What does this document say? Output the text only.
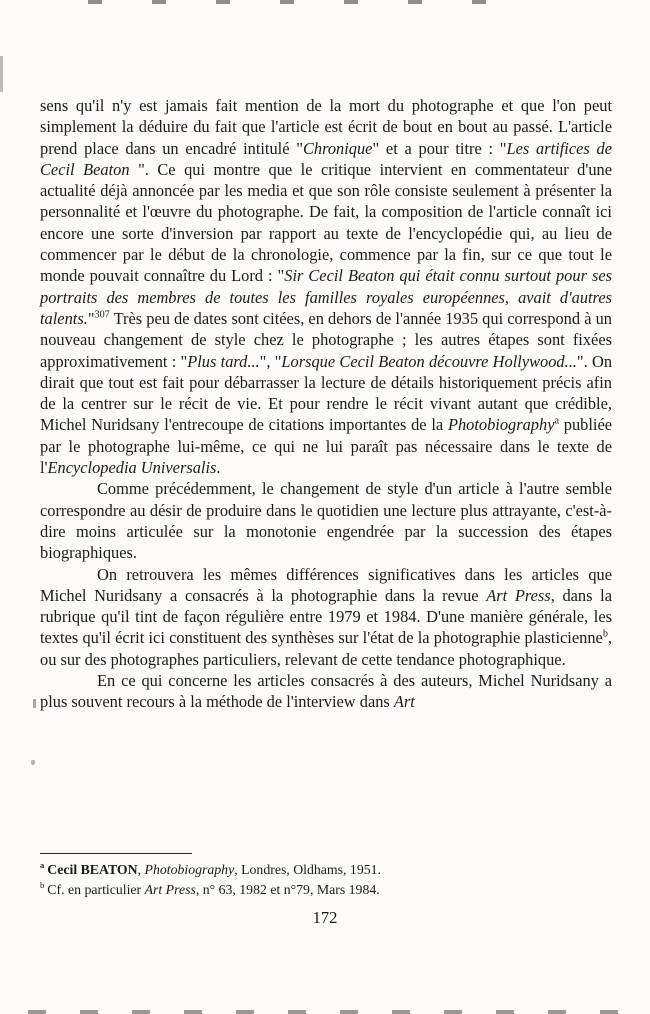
sens qu'il n'y est jamais fait mention de la mort du photographe et que l'on peut simplement la déduire du fait que l'article est écrit de bout en bout au passé. L'article prend place dans un encadré intitulé "Chronique" et a pour titre : "Les artifices de Cecil Beaton ". Ce qui montre que le critique intervient en commentateur d'une actualité déjà annoncée par les media et que son rôle consiste seulement à présenter la personnalité et l'œuvre du photographe. De fait, la composition de l'article connaît ici encore une sorte d'inversion par rapport au texte de l'encyclopédie qui, au lieu de commencer par le début de la chronologie, commence par la fin, sur ce que tout le monde pouvait connaître du Lord : "Sir Cecil Beaton qui était connu surtout pour ses portraits des membres de toutes les familles royales européennes, avait d'autres talents."$^{307}$ Très peu de dates sont citées, en dehors de l'année 1935 qui correspond à un nouveau changement de style chez le photographe ; les autres étapes sont fixées approximativement : "Plus tard...", "Lorsque Cecil Beaton découvre Hollywood...". On dirait que tout est fait pour débarrasser la lecture de détails historiquement précis afin de la centrer sur le récit de vie. Et pour rendre le récit vivant autant que crédible, Michel Nuridsany l'entrecoupe de citations importantes de la Photobiography$^a$ publiée par le photographe lui-même, ce qui ne lui paraît pas nécessaire dans le texte de l'Encyclopedia Universalis.

Comme précédemment, le changement de style d'un article à l'autre semble correspondre au désir de produire dans le quotidien une lecture plus attrayante, c'est-à-dire moins articulée sur la monotonie engendrée par la succession des étapes biographiques.

On retrouvera les mêmes différences significatives dans les articles que Michel Nuridsany a consacrés à la photographie dans la revue Art Press, dans la rubrique qu'il tint de façon régulière entre 1979 et 1984. D'une manière générale, les textes qu'il écrit ici constituent des synthèses sur l'état de la photographie plasticienne$^b$, ou sur des photographes particuliers, relevant de cette tendance photographique.

En ce qui concerne les articles consacrés à des auteurs, Michel Nuridsany a plus souvent recours à la méthode de l'interview dans Art

$^a$ Cecil BEATON, Photobiography, Londres, Oldhams, 1951.
$^b$ Cf. en particulier Art Press, n° 63, 1982 et n°79, Mars 1984.
172
